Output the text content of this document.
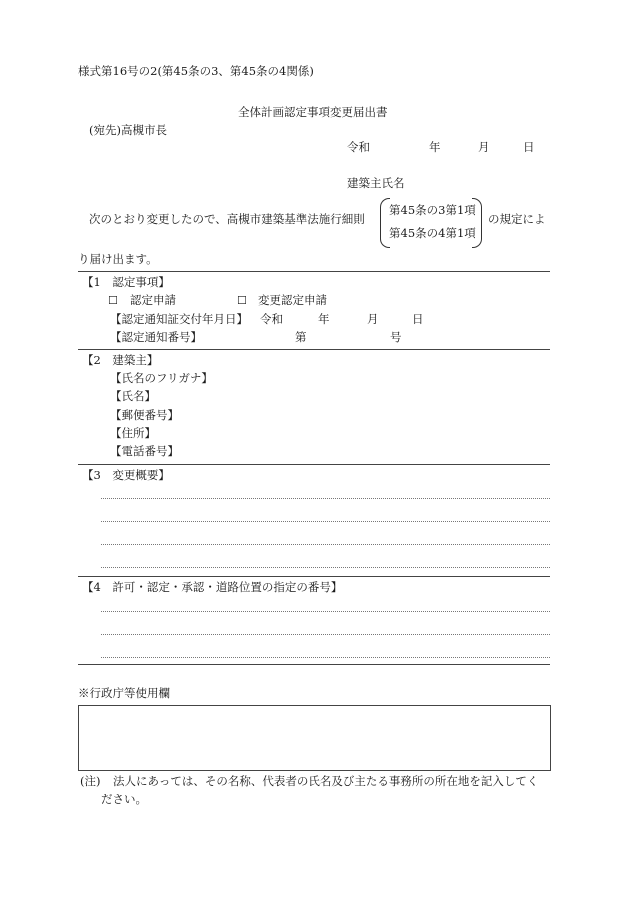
様式第16号の2(第45条の3、第45条の4関係)
全体計画認定事項変更届出書
(宛先)高槻市長
令和	年	月	日
建築主氏名
次のとおり変更したので、高槻市建築基準法施行細則
第45条の3第1項
第45条の4第1項
の規定によ
り届け出ます。
【1　認定事項】
☐ 認定申請	☐ 変更認定申請
【認定通知証交付年月日】 令和	年	月	日
【認定通知番号】	第	号
【2　建築主】
【氏名のフリガナ】
【氏名】
【郵便番号】
【住所】
【電話番号】
【3　変更概要】
【4　許可・認定・承認・道路位置の指定の番号】
※行政庁等使用欄
(注) 法人にあっては、その名称、代表者の氏名及び主たる事務所の所在地を記入してく
ださい。
